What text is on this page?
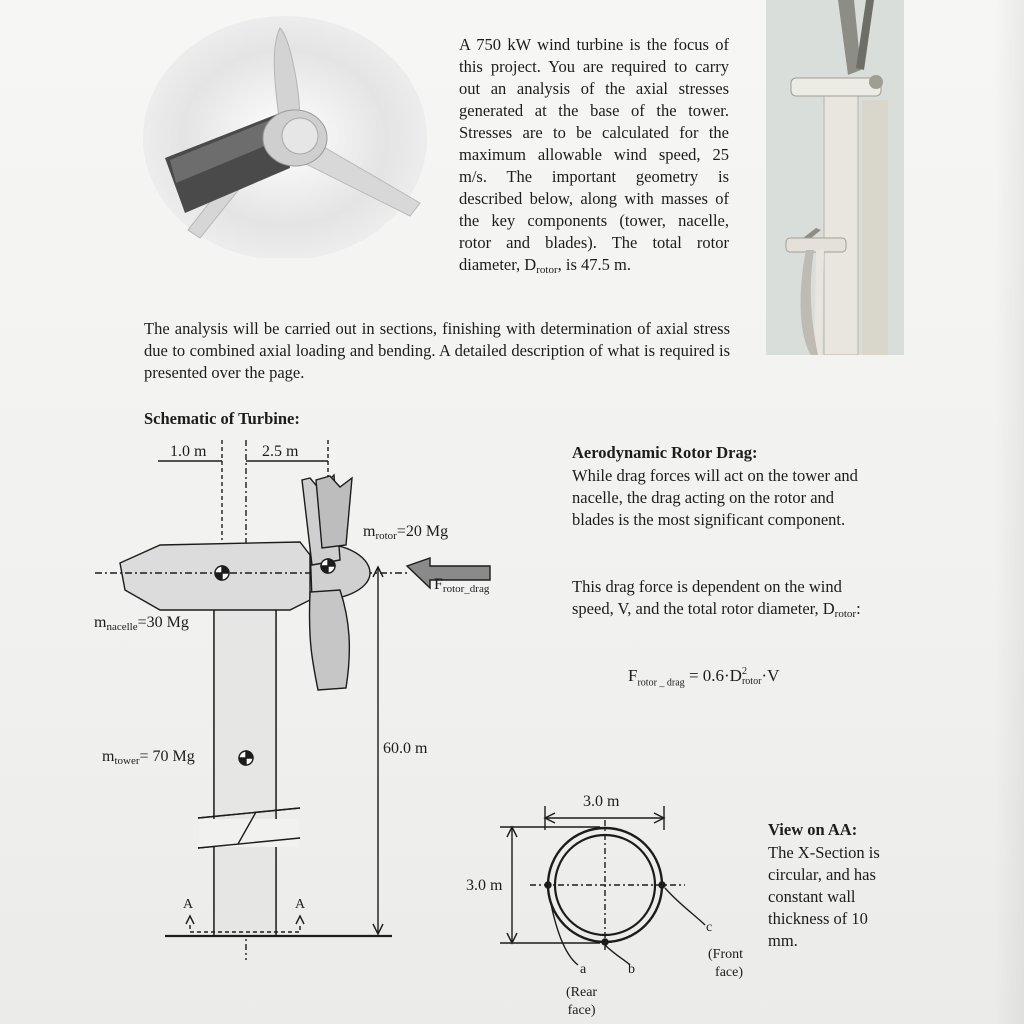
A 750 kW wind turbine is the focus of this project. You are required to carry out an analysis of the axial stresses generated at the base of the tower. Stresses are to be calculated for the maximum allowable wind speed, 25 m/s. The important geometry is described below, along with masses of the key components (tower, nacelle, rotor and blades). The total rotor diameter, $D_{rotor}$, is 47.5 m.

The analysis will be carried out in sections, finishing with determination of axial stress due to combined axial loading and bending. A detailed description of what is required is presented over the page.

Schematic of Turbine:
Aerodynamic Rotor Drag:

While drag forces will act on the tower and nacelle, the drag acting on the rotor and blades is the most significant component.

This drag force is dependent on the wind speed, V, and the total rotor diameter, $D_{rotor}$:

$F_{rotor \_ drag} = 0.6\cdot D$ 2
rotor ·V
1.0 m	2.5 m
60.0 m
3.0 m
3.0 m
$m_{rotor}=20$ Mg
$m_{nacelle}=30$ Mg
$m_{tower}= 70$ Mg
$F_{rotor\_drag}$
A	A
a	b
c
(Rear
face)
(Front
face)
View on AA:

The X-Section is circular, and has constant wall thickness of 10 mm.
